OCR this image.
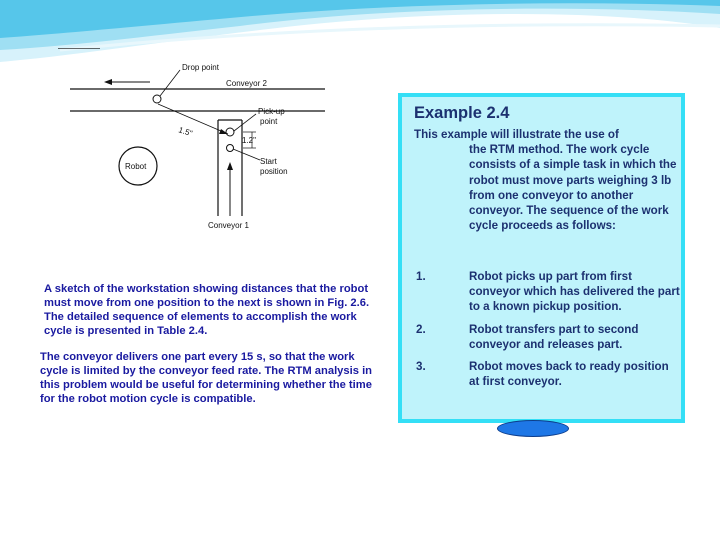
Drop point
Conveyor 2
1.2"
Pick-up
point
Start
position
1.5"
Robot
Conveyor 1

A sketch of the workstation showing distances that the robot must move from one position to the next is shown in Fig. 2.6. The detailed sequence of elements to accomplish the work cycle is presented in Table 2.4.

The conveyor delivers one part every 15 s, so that the work cycle is limited by the conveyor feed rate. The RTM analysis in this problem would be useful for determining whether the time for the robot motion cycle is compatible.

Example 2.4
This example will illustrate the use of
the RTM method. The work cycle consists of a simple task in which the robot must move parts weighing 3 lb from one conveyor to another conveyor. The sequence of the work cycle proceeds as follows:
1.	Robot picks up part from first conveyor which has delivered the part to a known pickup position.
2.	Robot transfers part to second conveyor and releases part.
3.	Robot moves back to ready position at first conveyor.
